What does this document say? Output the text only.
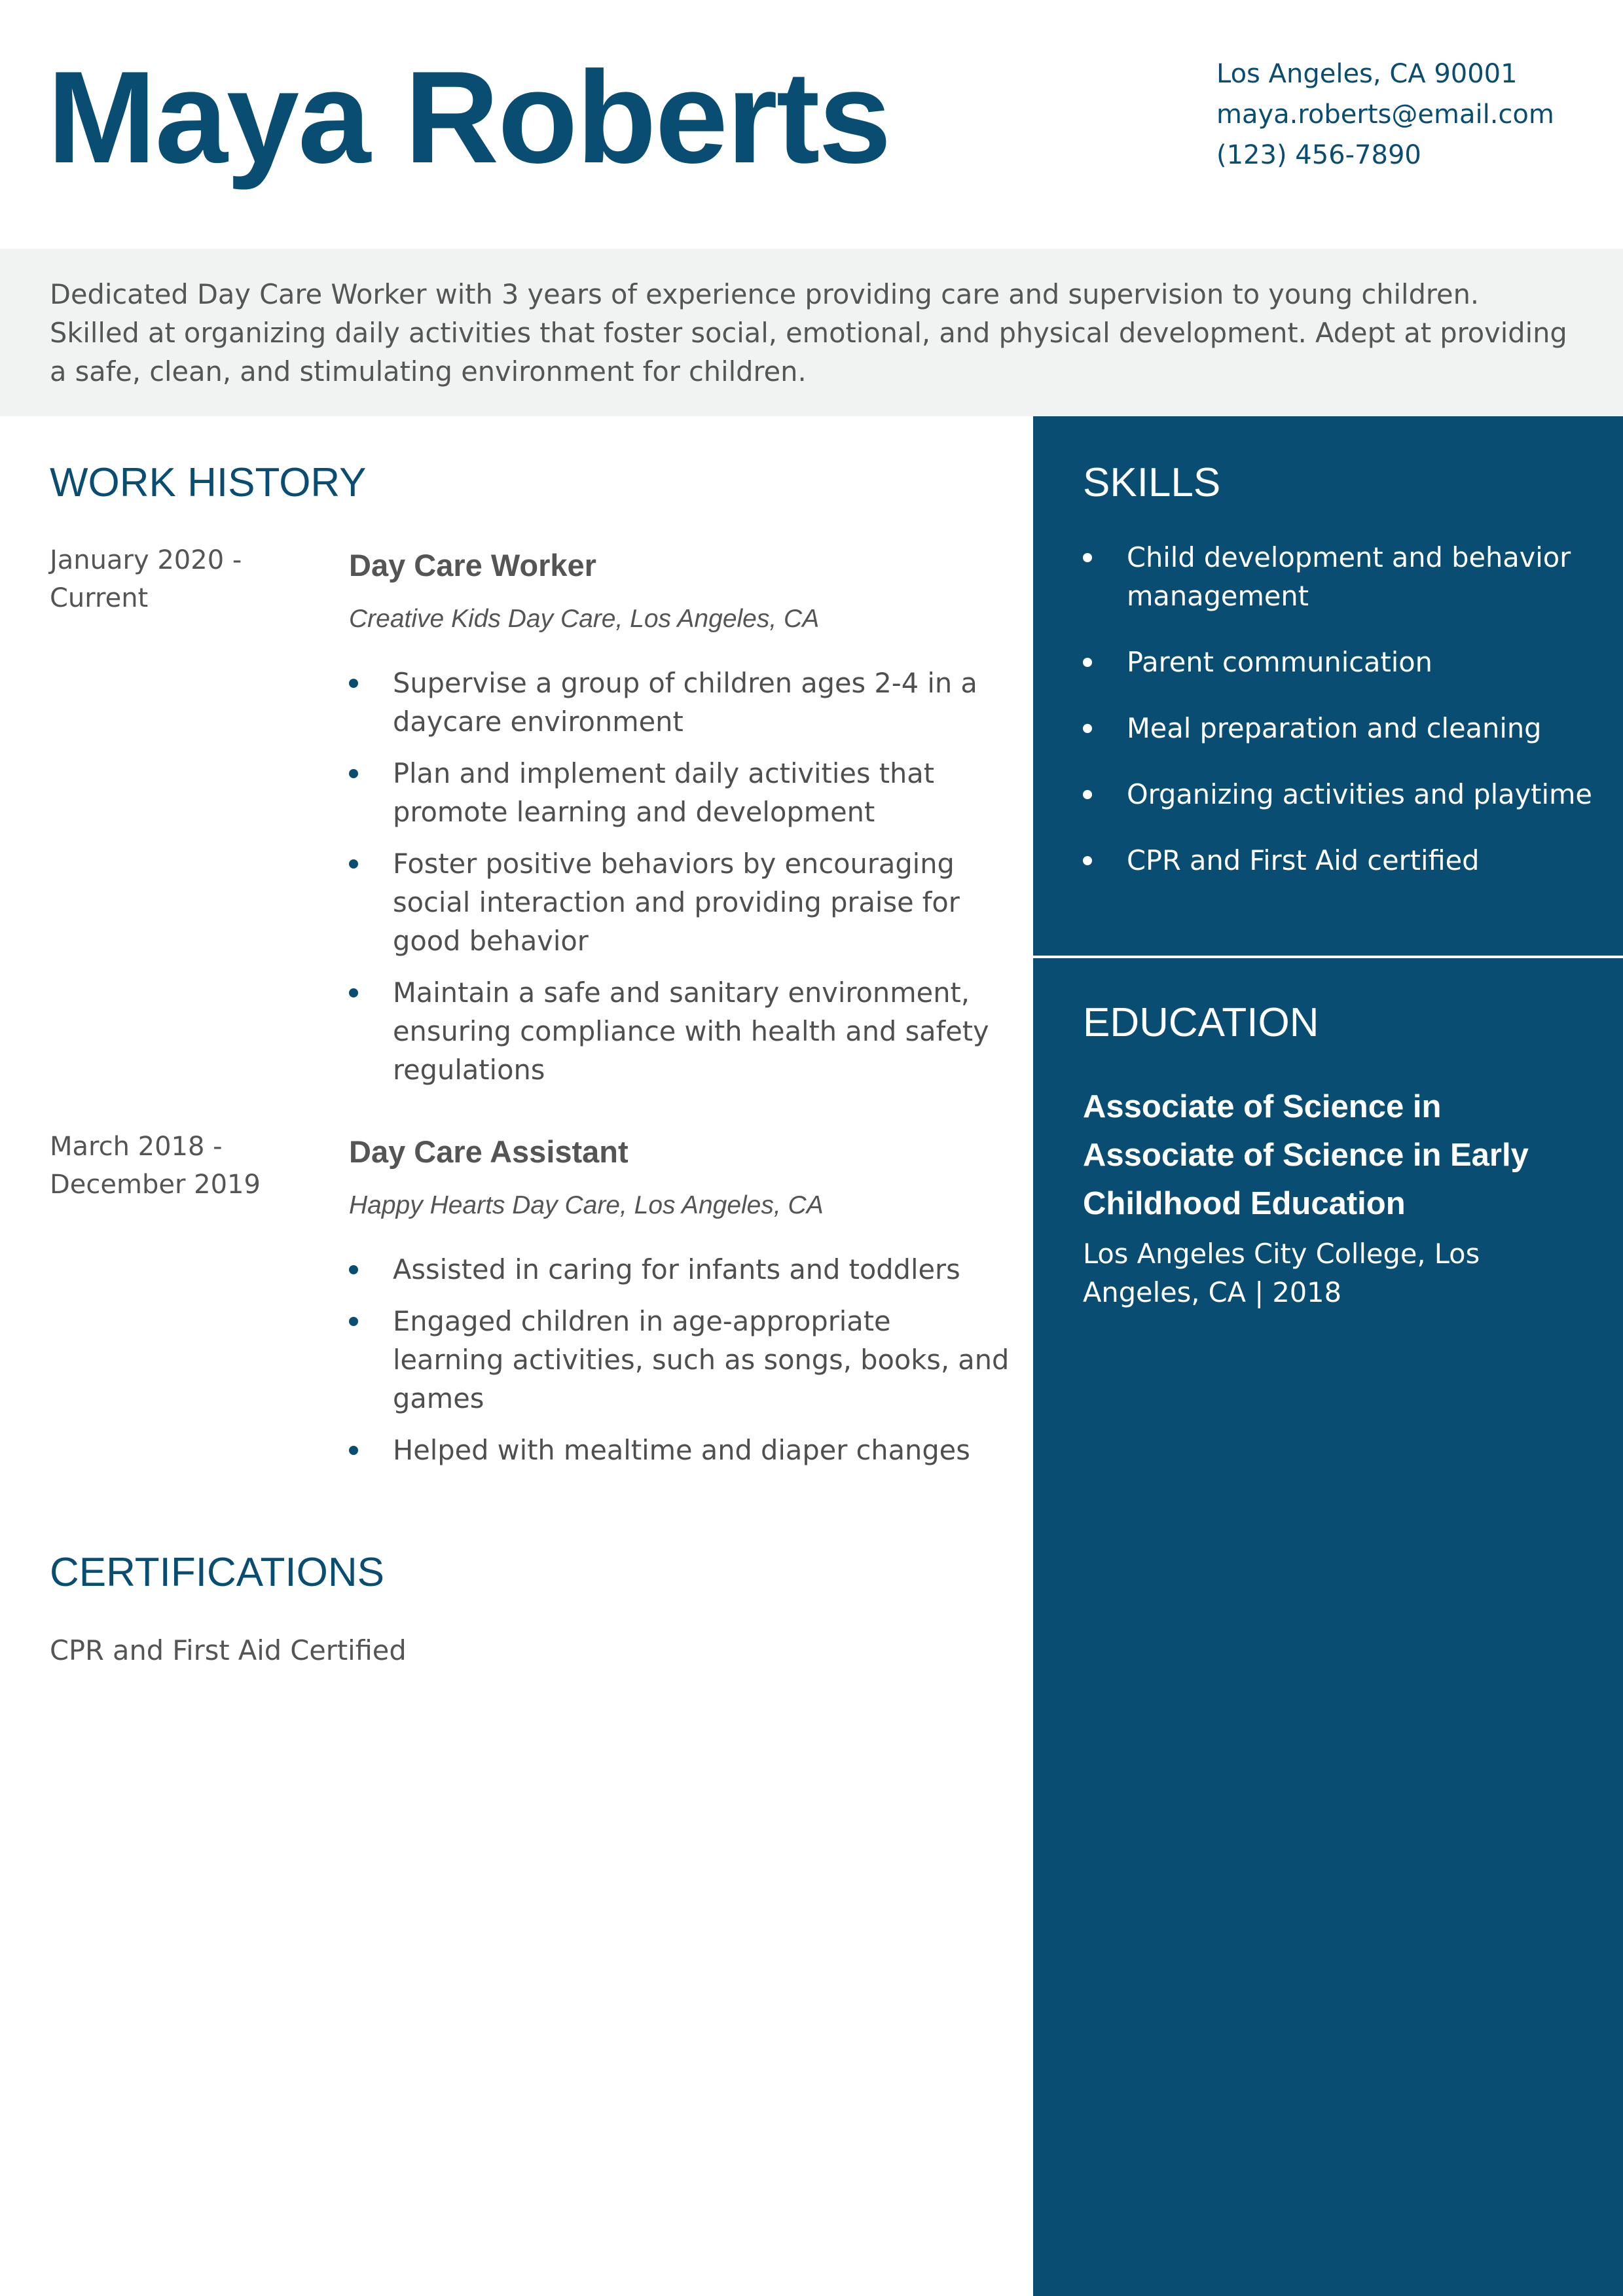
Maya Roberts	Los Angeles, CA 90001
maya.roberts@email.com
(123) 456-7890

Dedicated Day Care Worker with 3 years of experience providing care and supervision to young children. Skilled at organizing daily activities that foster social, emotional, and physical development. Adept at providing a safe, clean, and stimulating environment for children.

WORK HISTORY
January 2020 - Current
Day Care Worker
Creative Kids Day Care, Los Angeles, CA
Supervise a group of children ages 2-4 in a daycare environment
Plan and implement daily activities that promote learning and development
Foster positive behaviors by encouraging social interaction and providing praise for good behavior
Maintain a safe and sanitary environment, ensuring compliance with health and safety regulations
March 2018 - December 2019
Day Care Assistant
Happy Hearts Day Care, Los Angeles, CA
Assisted in caring for infants and toddlers
Engaged children in age-appropriate learning activities, such as songs, books, and games
Helped with mealtime and diaper changes
CERTIFICATIONS
CPR and First Aid Certified
SKILLS
Child development and behavior management
Parent communication
Meal preparation and cleaning
Organizing activities and playtime
CPR and First Aid certified
EDUCATION
Associate of Science in Associate of Science in Early Childhood Education
Los Angeles City College, Los Angeles, CA | 2018
